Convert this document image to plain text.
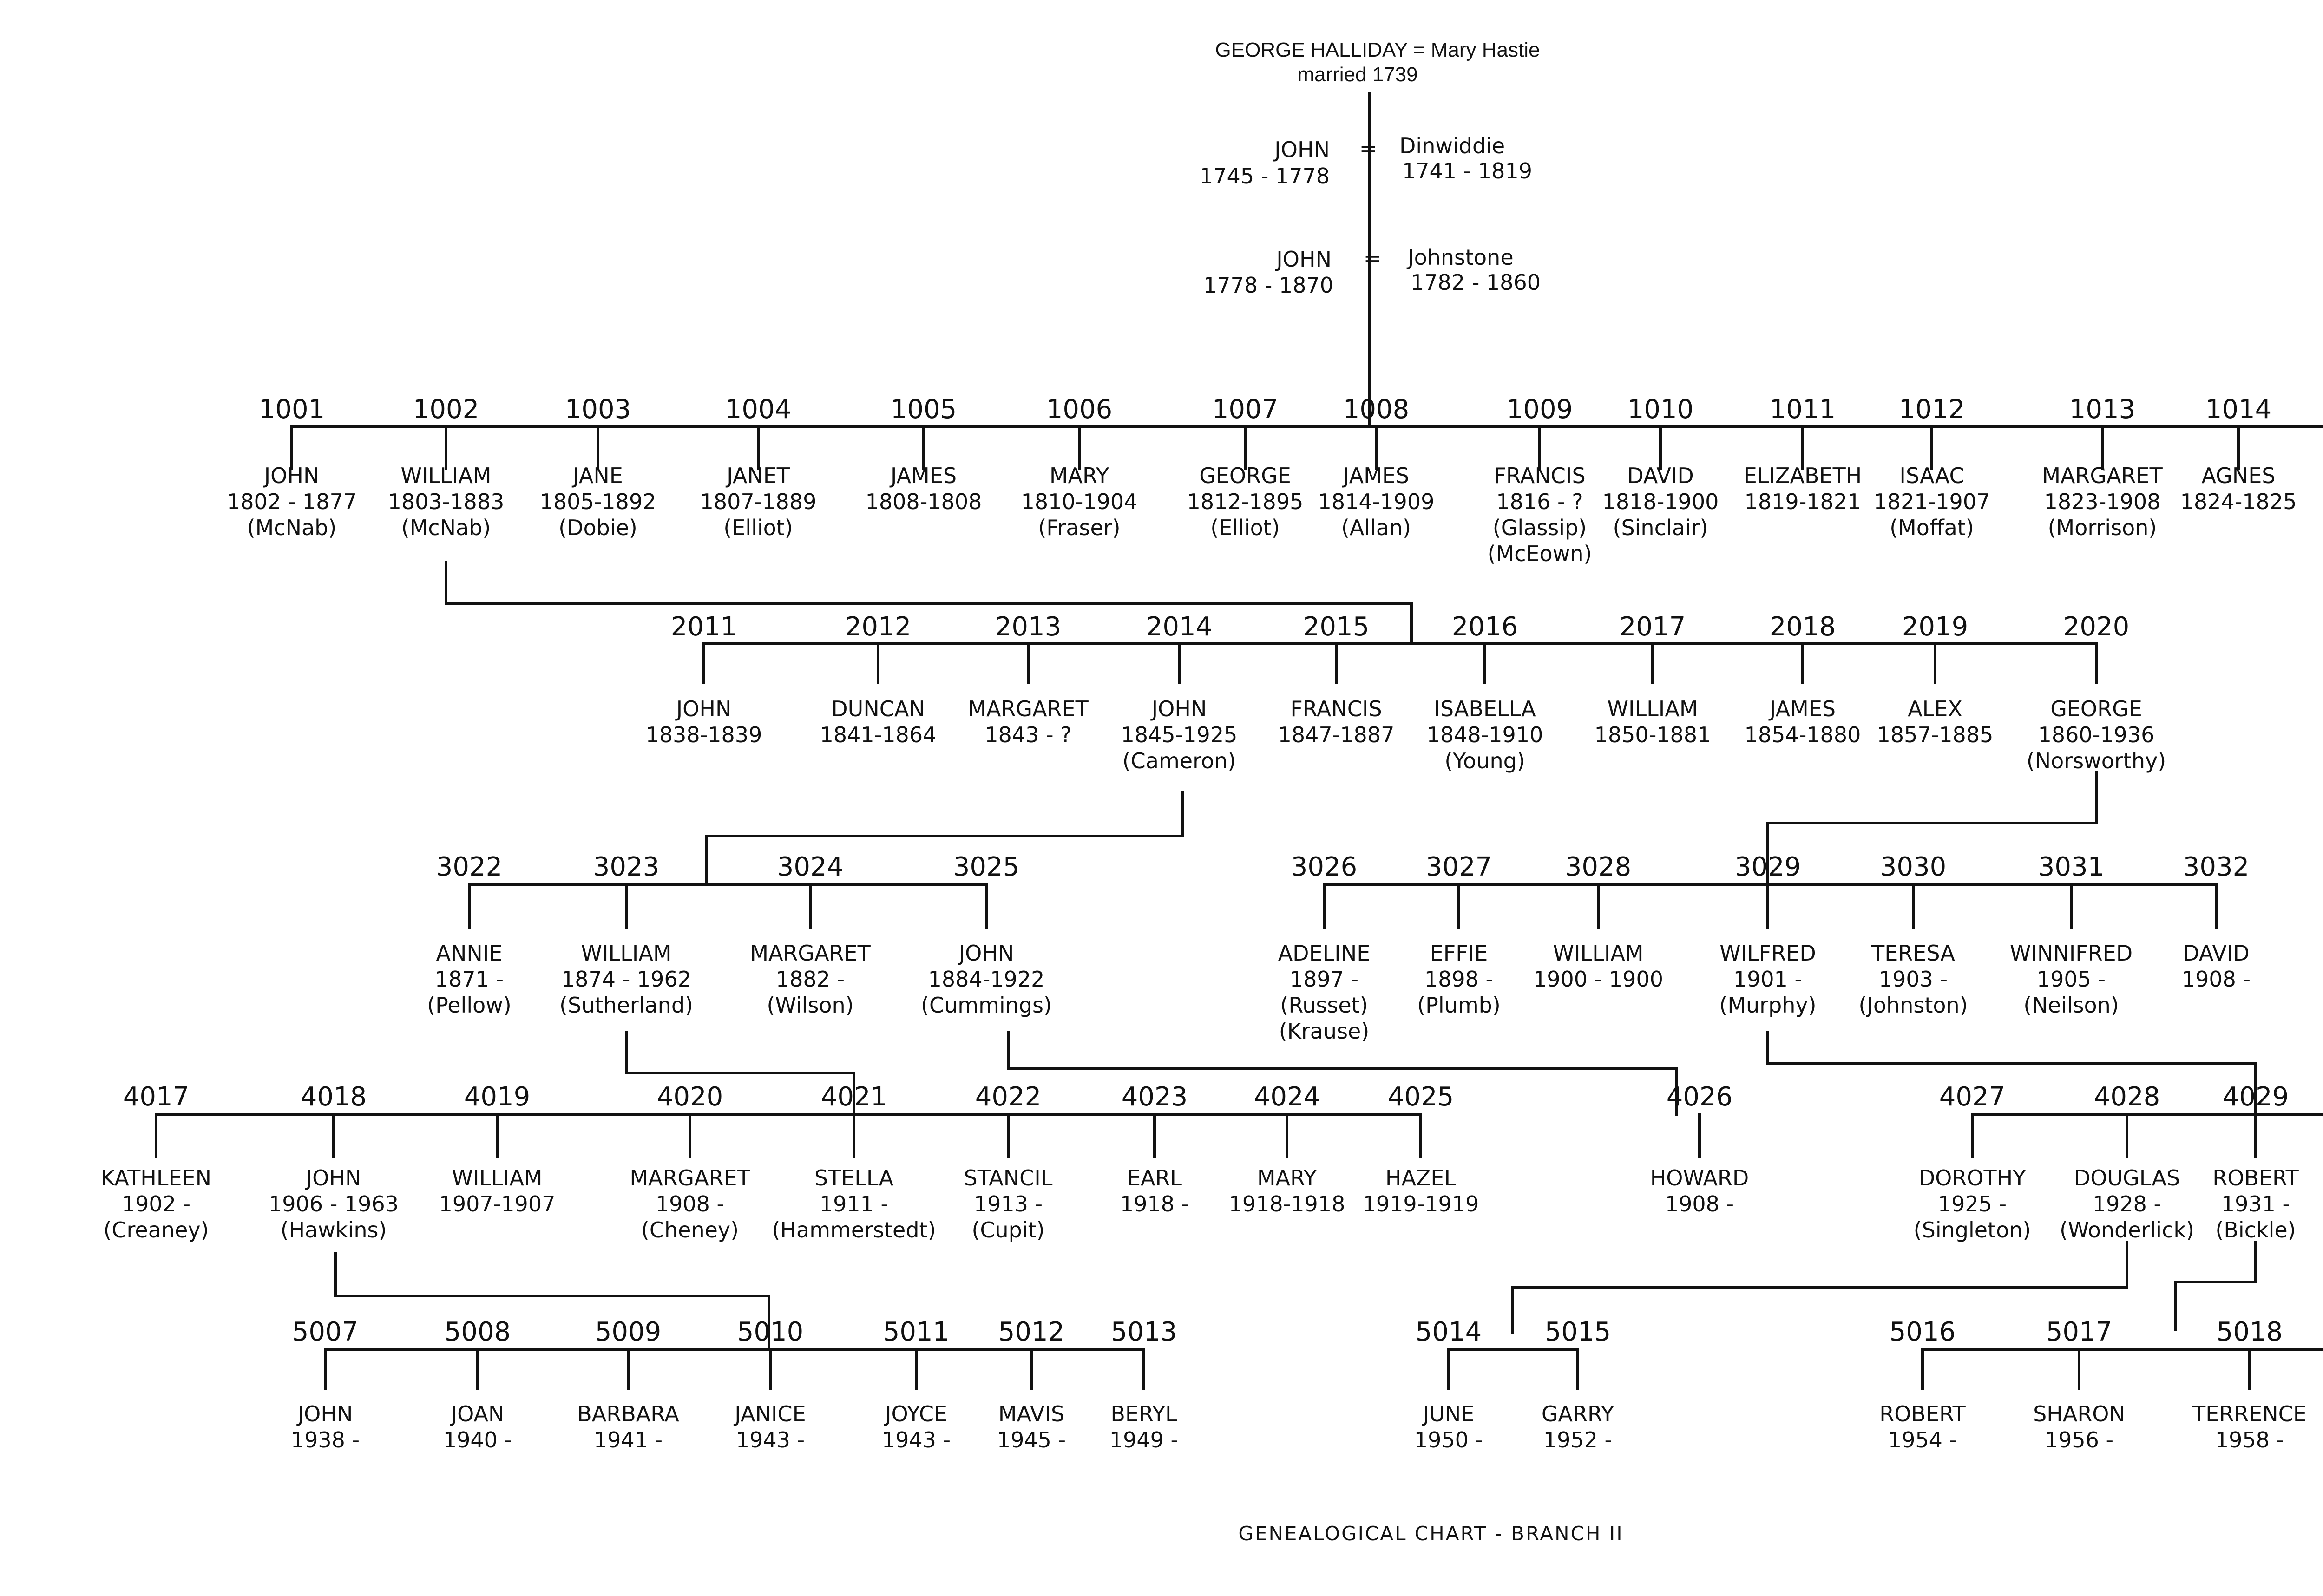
GEORGE HALLIDAY = Mary Hastie
married 1739
JOHN
1745 - 1778
= Dinwiddie
1741 - 1819
JOHN
1778 - 1870
= Johnstone
1782 - 1860
1001
JOHN
1802 - 1877
(McNab)
1002
WILLIAM
1803-1883
(McNab)
1003
JANE
1805-1892
(Dobie)
1004
JANET
1807-1889
(Elliot)
1005
JAMES
1808-1808
1006
MARY
1810-1904
(Fraser)
1007
GEORGE
1812-1895
(Elliot)
1008
JAMES
1814-1909
(Allan)
1009
FRANCIS
1816 - ?
(Glassip)
(McEown)
1010
DAVID
1818-1900
(Sinclair)
1011
ELIZABETH
1819-1821
1012
ISAAC
1821-1907
(Moffat)
1013
MARGARET
1823-1908
(Morrison)
1014
AGNES
1824-1825
2011
JOHN
1838-1839
2012
DUNCAN
1841-1864
2013
MARGARET
1843 - ?
2014
JOHN
1845-1925
(Cameron)
2015
FRANCIS
1847-1887
2016
ISABELLA
1848-1910
(Young)
2017
WILLIAM
1850-1881
2018
JAMES
1854-1880
2019
ALEX
1857-1885
2020
GEORGE
1860-1936
(Norsworthy)
3022
ANNIE
1871 -
(Pellow)
3023
WILLIAM
1874 - 1962
(Sutherland)
3024
MARGARET
1882 -
(Wilson)
3025
JOHN
1884-1922
(Cummings)
3026
ADELINE
1897 -
(Russet)
(Krause)
3027
EFFIE
1898 -
(Plumb)
3028
WILLIAM
1900 - 1900
3029
WILFRED
1901 -
(Murphy)
3030
TERESA
1903 -
(Johnston)
3031
WINNIFRED
1905 -
(Neilson)
3032
DAVID
1908 -
4017
KATHLEEN
1902 -
(Creaney)
4018
JOHN
1906 - 1963
(Hawkins)
4019
WILLIAM
1907-1907
4020
MARGARET
1908 -
(Cheney)
4021
STELLA
1911 -
(Hammerstedt)
4022
STANCIL
1913 -
(Cupit)
4023
EARL
1918 -
4024
MARY
1918-1918
4025
HAZEL
1919-1919
4026
HOWARD
1908 -
4027
DOROTHY
1925 -
(Singleton)
4028
DOUGLAS
1928 -
(Wonderlick)
4029
ROBERT
1931 -
(Bickle)
5007
JOHN
1938 -
5008
JOAN
1940 -
5009
BARBARA
1941 -
5010
JANICE
1943 -
5011
JOYCE
1943 -
5012
MAVIS
1945 -
5013
BERYL
1949 -
5014
JUNE
1950 -
5015
GARRY
1952 -
5016
ROBERT
1954 -
5017
SHARON
1956 -
5018
TERRENCE
1958 -
GENEALOGICAL CHART - BRANCH II
